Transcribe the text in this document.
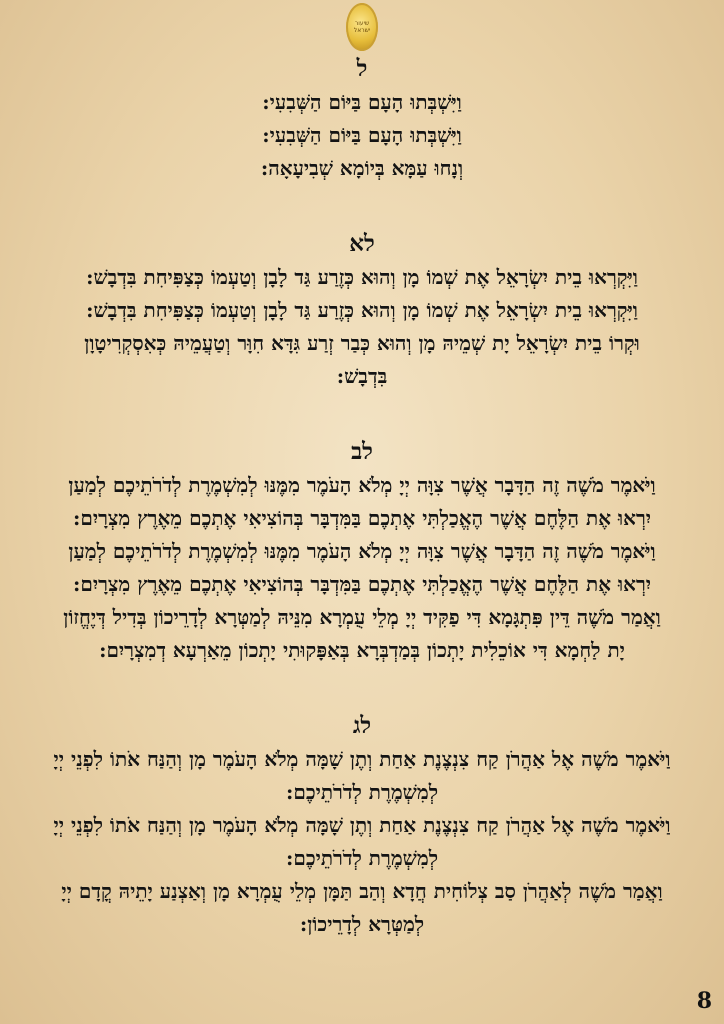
שיעור
ישראל

ל

וַיִּשְׁבְּתוּ הָעָם בַּיּוֹם הַשְּׁבִעִי:

וַיִּשְׁבְּתוּ הָעָם בַּיּוֹם הַשְּׁבִעִי:

וְנָחוּ עַמָּא בְּיוֹמָא שְׁבִיעָאָה:

לא

וַיִּקְרְאוּ בֵית יִשְׂרָאֵל אֶת שְׁמוֹ מָן וְהוּא כְּזֶרַע גַּד לָבָן וְטַעְמוֹ כְּצַפִּיחִת בִּדְבָשׁ:

וַיִּקְרְאוּ בֵית יִשְׂרָאֵל אֶת שְׁמוֹ מָן וְהוּא כְּזֶרַע גַּד לָבָן וְטַעְמוֹ כְּצַפִּיחִת בִּדְבָשׁ:

וּקְרוֹ בֵית יִשְׂרָאֵל יָת שְׁמֵיהּ מָן וְהוּא כְּבַר זְרַע גִּדָּא חִוָּר וְטַעֲמֵיהּ כְּאִסְקְרִיטָוָן

בִּדְבָשׁ:

לב

וַיֹּאמֶר מֹשֶׁה זֶה הַדָּבָר אֲשֶׁר צִוָּה יְיָ מְלֹא הָעֹמֶר מִמֶּנּוּ לְמִשְׁמֶרֶת לְדֹרֹתֵיכֶם לְמַעַן

יִרְאוּ אֶת הַלֶּחֶם אֲשֶׁר הֶאֱכַלְתִּי אֶתְכֶם בַּמִּדְבָּר בְּהוֹצִיאִי אֶתְכֶם מֵאֶרֶץ מִצְרָיִם:

וַיֹּאמֶר מֹשֶׁה זֶה הַדָּבָר אֲשֶׁר צִוָּה יְיָ מְלֹא הָעֹמֶר מִמֶּנּוּ לְמִשְׁמֶרֶת לְדֹרֹתֵיכֶם לְמַעַן

יִרְאוּ אֶת הַלֶּחֶם אֲשֶׁר הֶאֱכַלְתִּי אֶתְכֶם בַּמִּדְבָּר בְּהוֹצִיאִי אֶתְכֶם מֵאֶרֶץ מִצְרָיִם:

וַאֲמַר מֹשֶׁה דֵּין פִּתְגָּמָא דִּי פַקִּיד יְיָ מְלֵי עֻמְרָא מִנֵּיהּ לְמַטְּרָא לְדָרֵיכוֹן בְּדִיל דְּיֶחֱזוֹן

יָת לַחְמָא דִּי אוֹכֵלִית יָתְכוֹן בְּמַדְבְּרָא בְּאַפָּקוּתִי יָתְכוֹן מֵאַרְעָא דְמִצְרָיִם:

לג

וַיֹּאמֶר מֹשֶׁה אֶל אַהֲרֹן קַח צִנְצֶנֶת אַחַת וְתֶן שָׁמָּה מְלֹא הָעֹמֶר מָן וְהַנַּח אֹתוֹ לִפְנֵי יְיָ

לְמִשְׁמֶרֶת לְדֹרֹתֵיכֶם:

וַיֹּאמֶר מֹשֶׁה אֶל אַהֲרֹן קַח צִנְצֶנֶת אַחַת וְתֶן שָׁמָּה מְלֹא הָעֹמֶר מָן וְהַנַּח אֹתוֹ לִפְנֵי יְיָ

לְמִשְׁמֶרֶת לְדֹרֹתֵיכֶם:

וַאֲמַר מֹשֶׁה לְאַהֲרֹן סַב צְלוֹחִית חֲדָא וְהַב תַּמָּן מְלֵי עֻמְרָא מָן וְאַצְנַע יָתֵיהּ קֳדָם יְיָ

לְמַטְּרָא לְדָרֵיכוֹן:

8
